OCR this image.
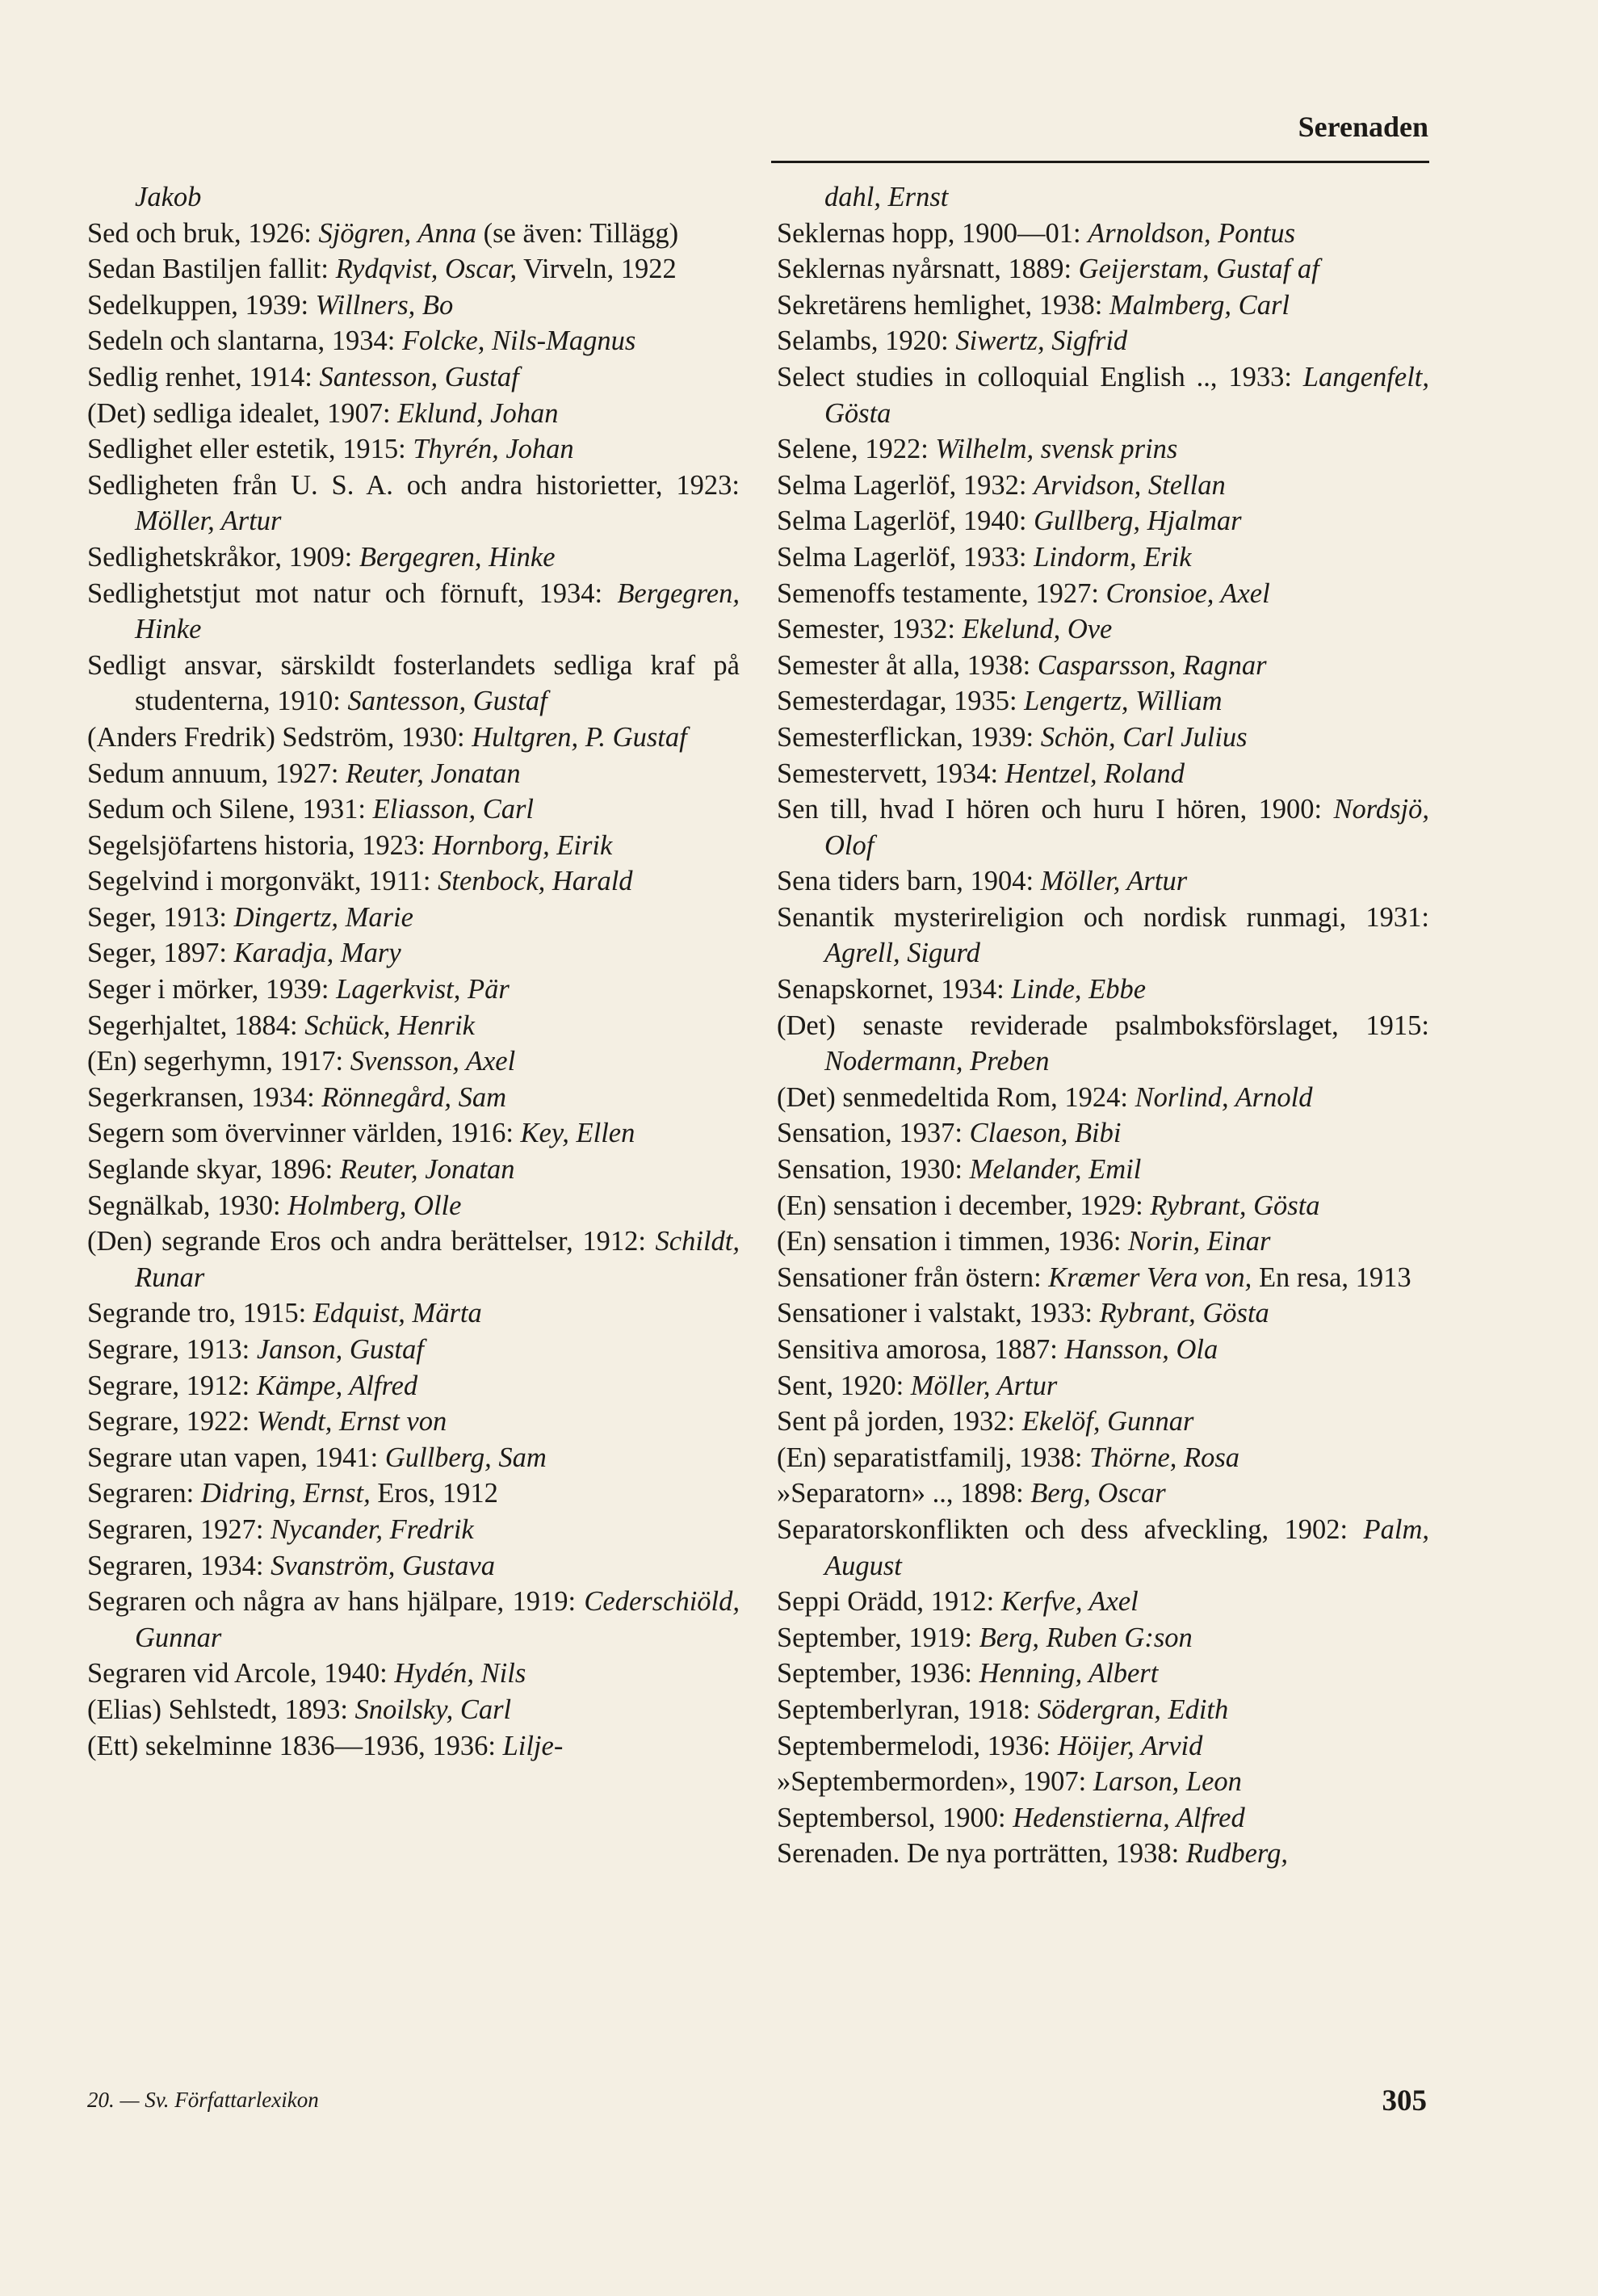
Serenaden

Jakob

Sed och bruk, 1926: Sjögren, Anna (se även: Tillägg)

Sedan Bastiljen fallit: Rydqvist, Oscar, Virveln, 1922

Sedelkuppen, 1939: Willners, Bo

Sedeln och slantarna, 1934: Folcke, Nils-Magnus

Sedlig renhet, 1914: Santesson, Gustaf

(Det) sedliga idealet, 1907: Eklund, Johan

Sedlighet eller estetik, 1915: Thyrén, Johan

Sedligheten från U. S. A. och andra historietter, 1923: Möller, Artur

Sedlighetskråkor, 1909: Bergegren, Hinke

Sedlighetstjut mot natur och förnuft, 1934: Bergegren, Hinke

Sedligt ansvar, särskildt fosterlandets sedliga kraf på studenterna, 1910: Santesson, Gustaf

(Anders Fredrik) Sedström, 1930: Hultgren, P. Gustaf

Sedum annuum, 1927: Reuter, Jonatan

Sedum och Silene, 1931: Eliasson, Carl

Segelsjöfartens historia, 1923: Hornborg, Eirik

Segelvind i morgonväkt, 1911: Stenbock, Harald

Seger, 1913: Dingertz, Marie

Seger, 1897: Karadja, Mary

Seger i mörker, 1939: Lagerkvist, Pär

Segerhjaltet, 1884: Schück, Henrik

(En) segerhymn, 1917: Svensson, Axel

Segerkransen, 1934: Rönnegård, Sam

Segern som övervinner världen, 1916: Key, Ellen

Seglande skyar, 1896: Reuter, Jonatan

Segnälkab, 1930: Holmberg, Olle

(Den) segrande Eros och andra berättelser, 1912: Schildt, Runar

Segrande tro, 1915: Edquist, Märta

Segrare, 1913: Janson, Gustaf

Segrare, 1912: Kämpe, Alfred

Segrare, 1922: Wendt, Ernst von

Segrare utan vapen, 1941: Gullberg, Sam

Segraren: Didring, Ernst, Eros, 1912

Segraren, 1927: Nycander, Fredrik

Segraren, 1934: Svanström, Gustava

Segraren och några av hans hjälpare, 1919: Cederschiöld, Gunnar

Segraren vid Arcole, 1940: Hydén, Nils

(Elias) Sehlstedt, 1893: Snoilsky, Carl

(Ett) sekelminne 1836—1936, 1936: Lilje-

dahl, Ernst

Seklernas hopp, 1900—01: Arnoldson, Pontus

Seklernas nyårsnatt, 1889: Geijerstam, Gustaf af

Sekretärens hemlighet, 1938: Malmberg, Carl

Selambs, 1920: Siwertz, Sigfrid

Select studies in colloquial English .., 1933: Langenfelt, Gösta

Selene, 1922: Wilhelm, svensk prins

Selma Lagerlöf, 1932: Arvidson, Stellan

Selma Lagerlöf, 1940: Gullberg, Hjalmar

Selma Lagerlöf, 1933: Lindorm, Erik

Semenoffs testamente, 1927: Cronsioe, Axel

Semester, 1932: Ekelund, Ove

Semester åt alla, 1938: Casparsson, Ragnar

Semesterdagar, 1935: Lengertz, William

Semesterflickan, 1939: Schön, Carl Julius

Semestervett, 1934: Hentzel, Roland

Sen till, hvad I hören och huru I hören, 1900: Nordsjö, Olof

Sena tiders barn, 1904: Möller, Artur

Senantik mysterireligion och nordisk runmagi, 1931: Agrell, Sigurd

Senapskornet, 1934: Linde, Ebbe

(Det) senaste reviderade psalmboksförslaget, 1915: Nodermann, Preben

(Det) senmedeltida Rom, 1924: Norlind, Arnold

Sensation, 1937: Claeson, Bibi

Sensation, 1930: Melander, Emil

(En) sensation i december, 1929: Rybrant, Gösta

(En) sensation i timmen, 1936: Norin, Einar

Sensationer från östern: Kræmer Vera von, En resa, 1913

Sensationer i valstakt, 1933: Rybrant, Gösta

Sensitiva amorosa, 1887: Hansson, Ola

Sent, 1920: Möller, Artur

Sent på jorden, 1932: Ekelöf, Gunnar

(En) separatistfamilj, 1938: Thörne, Rosa

»Separatorn» .., 1898: Berg, Oscar

Separatorskonflikten och dess afveckling, 1902: Palm, August

Seppi Orädd, 1912: Kerfve, Axel

September, 1919: Berg, Ruben G:son

September, 1936: Henning, Albert

Septemberlyran, 1918: Södergran, Edith

Septembermelodi, 1936: Höijer, Arvid

»Septembermorden», 1907: Larson, Leon

Septembersol, 1900: Hedenstierna, Alfred

Serenaden. De nya porträtten, 1938: Rudberg,

20. — Sv. Författarlexikon	305
